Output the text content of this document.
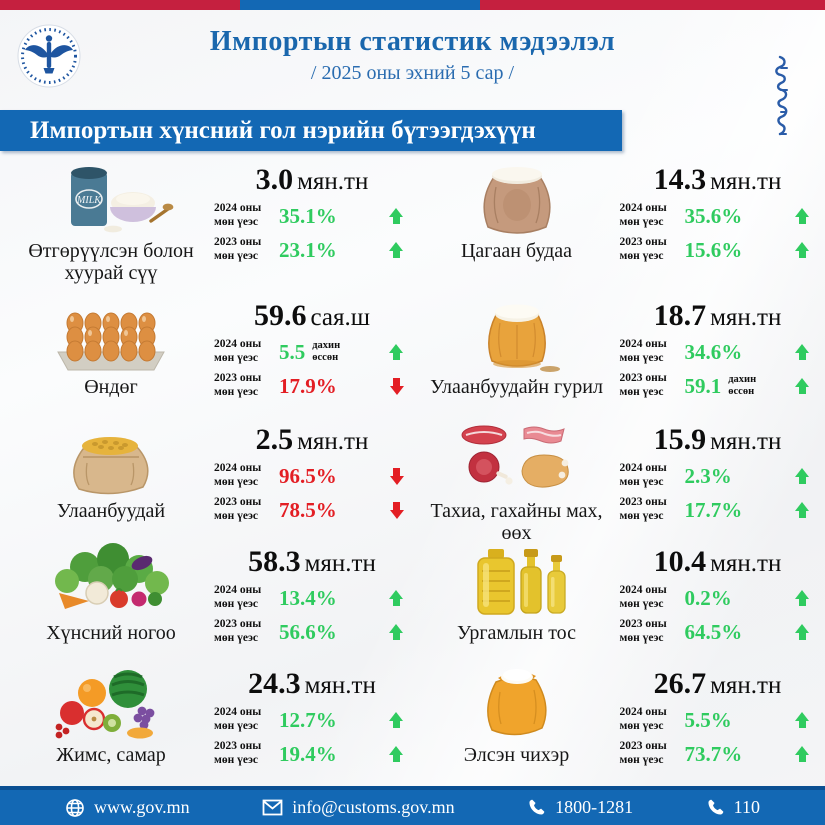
Импортын статистик мэдээлэл
/ 2025 оны эхний 5 сар /
Импортын хүнсний гол нэрийн бүтээгдэхүүн
MILK
Өтгөрүүлсэн болон хуурай сүү
3.0 мян.тн
2024 оны мөн үеэс 35.1%
2023 оны мөн үеэс 23.1%	Цагаан будаа
14.3 мян.тн
2024 оны мөн үеэс 35.6%
2023 оны мөн үеэс 15.6%
Өндөг
59.6 сая.ш
2024 оны мөн үеэс 5.5 дахин өссөн
2023 оны мөн үеэс 17.9%	Улаанбуудайн гурил
18.7 мян.тн
2024 оны мөн үеэс 34.6%
2023 оны мөн үеэс 59.1 дахин өссөн
Улаанбуудай
2.5 мян.тн
2024 оны мөн үеэс 96.5%
2023 оны мөн үеэс 78.5%	Тахиа, гахайны мах, өөх
15.9 мян.тн
2024 оны мөн үеэс 2.3%
2023 оны мөн үеэс 17.7%
Хүнсний ногоо
58.3 мян.тн
2024 оны мөн үеэс 13.4%
2023 оны мөн үеэс 56.6%	Ургамлын тос
10.4 мян.тн
2024 оны мөн үеэс 0.2%
2023 оны мөн үеэс 64.5%
Жимс, самар
24.3 мян.тн
2024 оны мөн үеэс 12.7%
2023 оны мөн үеэс 19.4%	Элсэн чихэр
26.7 мян.тн
2024 оны мөн үеэс 5.5%
2023 оны мөн үеэс 73.7%
www.gov.mn	info@customs.gov.mn	1800-1281	110
